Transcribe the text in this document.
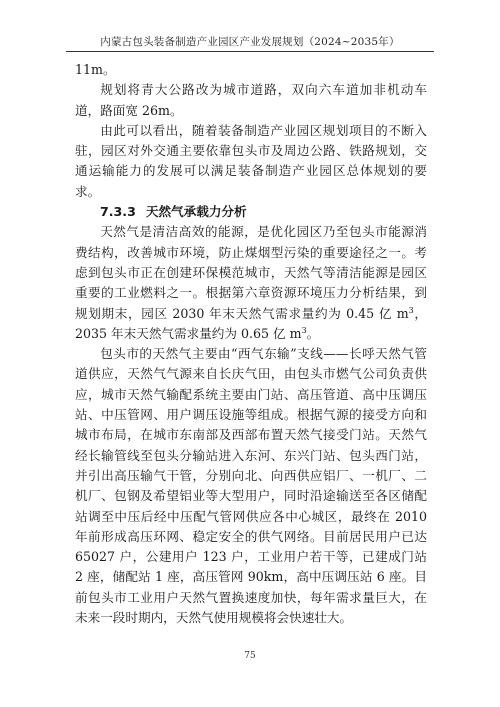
内蒙古包头装备制造产业园区产业发展规划（2024~2035年）

11m。

规划将青大公路改为城市道路，双向六车道加非机动车道，路面宽 26m。

由此可以看出，随着装备制造产业园区规划项目的不断入驻，园区对外交通主要依靠包头市及周边公路、铁路规划，交通运输能力的发展可以满足装备制造产业园区总体规划的要求。

7.3.3 天然气承载力分析

天然气是清洁高效的能源，是优化园区乃至包头市能源消费结构，改善城市环境，防止煤烟型污染的重要途径之一。考虑到包头市正在创建环保模范城市，天然气等清洁能源是园区重要的工业燃料之一。根据第六章资源环境压力分析结果，到规划期末，园区 2030 年末天然气需求量约为 0.45 亿 $m^3$，2035 年末天然气需求量约为 0.65 亿 $m^3$。

包头市的天然气主要由“西气东输”支线——长呼天然气管道供应，天然气气源来自长庆气田，由包头市燃气公司负责供应，城市天然气输配系统主要由门站、高压管道、高中压调压站、中压管网、用户调压设施等组成。根据气源的接受方向和城市布局，在城市东南部及西部布置天然气接受门站。天然气经长输管线至包头分输站进入东河、东兴门站、包头西门站，并引出高压输气干管，分别向北、向西供应铝厂、一机厂、二机厂、包钢及希望铝业等大型用户，同时沿途输送至各区储配站调至中压后经中压配气管网供应各中心城区，最终在 2010 年前形成高压环网、稳定安全的供气网络。目前居民用户已达 65027 户，公建用户 123 户，工业用户若干等，已建成门站 2 座，储配站 1 座，高压管网 90km，高中压调压站 6 座。目前包头市工业用户天然气置换速度加快，每年需求量巨大，在未来一段时期内，天然气使用规模将会快速壮大。

75
